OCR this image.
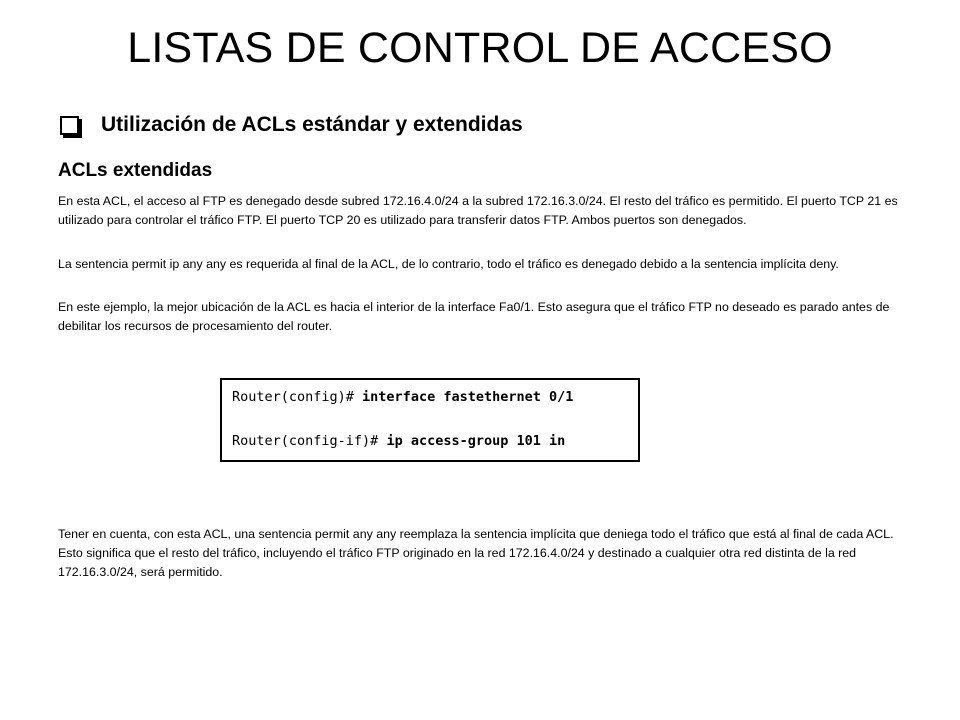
LISTAS DE CONTROL DE ACCESO
Utilización de ACLs estándar y extendidas
ACLs extendidas

En esta ACL, el acceso al FTP es denegado desde subred 172.16.4.0/24 a la subred 172.16.3.0/24. El resto del tráfico es permitido. El puerto TCP 21 es utilizado para controlar el tráfico FTP. El puerto TCP 20 es utilizado para transferir datos FTP. Ambos puertos son denegados.

La sentencia permit ip any any es requerida al final de la ACL, de lo contrario, todo el tráfico es denegado debido a la sentencia implícita deny.

En este ejemplo, la mejor ubicación de la ACL es hacia el interior de la interface Fa0/1. Esto asegura que el tráfico FTP no deseado es parado antes de debilitar los recursos de procesamiento del router.

Router(config)# interface fastethernet 0/1
Router(config-if)# ip access-group 101 in

Tener en cuenta, con esta ACL, una sentencia permit any any reemplaza la sentencia implícita que deniega todo el tráfico que está al final de cada ACL. Esto significa que el resto del tráfico, incluyendo el tráfico FTP originado en la red 172.16.4.0/24 y destinado a cualquier otra red distinta de la red 172.16.3.0/24, será permitido.
